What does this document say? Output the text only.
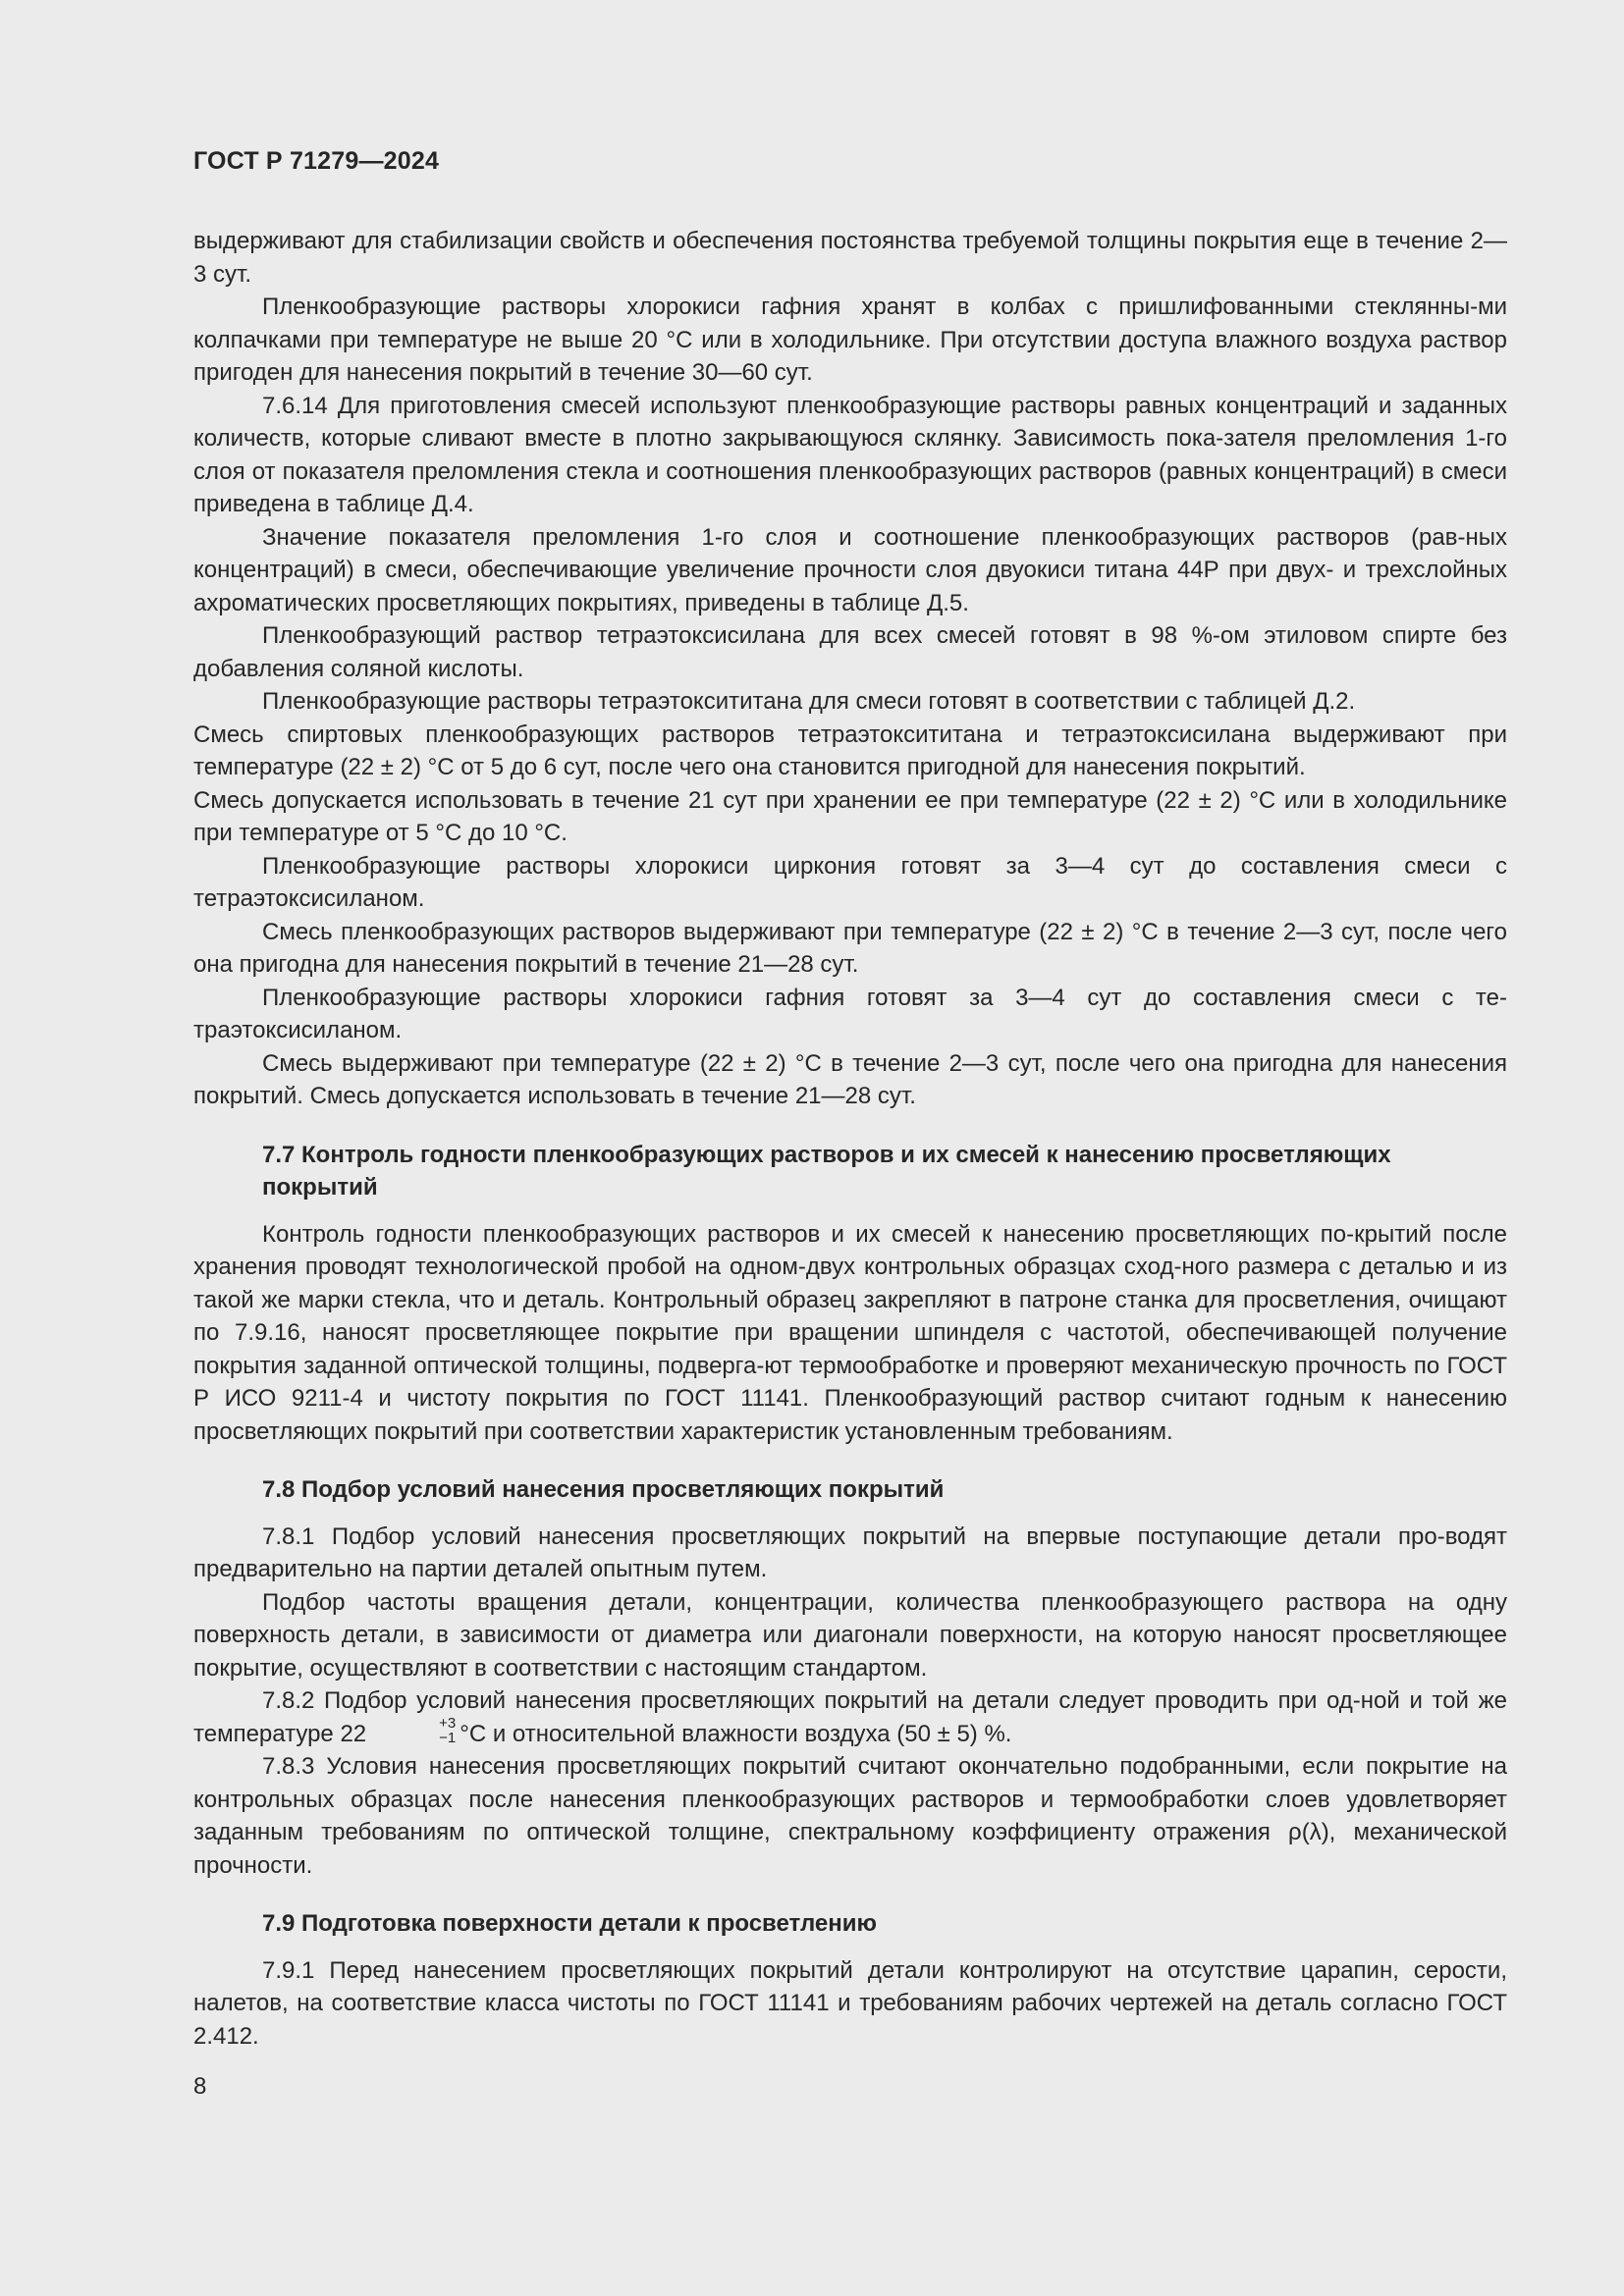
ГОСТ Р 71279—2024

выдерживают для стабилизации свойств и обеспечения постоянства требуемой толщины покрытия еще в течение 2—3 сут.

Пленкообразующие растворы хлорокиси гафния хранят в колбах с пришлифованными стеклянны-ми колпачками при температуре не выше 20 °С или в холодильнике. При отсутствии доступа влажного воздуха раствор пригоден для нанесения покрытий в течение 30—60 сут.

7.6.14 Для приготовления смесей используют пленкообразующие растворы равных концентраций и заданных количеств, которые сливают вместе в плотно закрывающуюся склянку. Зависимость пока-зателя преломления 1-го слоя от показателя преломления стекла и соотношения пленкообразующих растворов (равных концентраций) в смеси приведена в таблице Д.4.

Значение показателя преломления 1-го слоя и соотношение пленкообразующих растворов (рав-ных концентраций) в смеси, обеспечивающие увеличение прочности слоя двуокиси титана 44Р при двух- и трехслойных ахроматических просветляющих покрытиях, приведены в таблице Д.5.

Пленкообразующий раствор тетраэтоксисилана для всех смесей готовят в 98 %-ом этиловом спирте без добавления соляной кислоты.

Пленкообразующие растворы тетраэтоксититана для смеси готовят в соответствии с таблицей Д.2.

Смесь спиртовых пленкообразующих растворов тетраэтоксититана и тетраэтоксисилана выдерживают при температуре (22 ± 2) °С от 5 до 6 сут, после чего она становится пригодной для нанесения покрытий.

Смесь допускается использовать в течение 21 сут при хранении ее при температуре (22 ± 2) °С или в холодильнике при температуре от 5 °С до 10 °С.

Пленкообразующие растворы хлорокиси циркония готовят за 3—4 сут до составления смеси с тетраэтоксисиланом.

Смесь пленкообразующих растворов выдерживают при температуре (22 ± 2) °С в течение 2—3 сут, после чего она пригодна для нанесения покрытий в течение 21—28 сут.

Пленкообразующие растворы хлорокиси гафния готовят за 3—4 сут до составления смеси с те-траэтоксисиланом.

Смесь выдерживают при температуре (22 ± 2) °С в течение 2—3 сут, после чего она пригодна для нанесения покрытий. Смесь допускается использовать в течение 21—28 сут.

7.7 Контроль годности пленкообразующих растворов и их смесей к нанесению просветляющих покрытий

Контроль годности пленкообразующих растворов и их смесей к нанесению просветляющих по-крытий после хранения проводят технологической пробой на одном-двух контрольных образцах сход-ного размера с деталью и из такой же марки стекла, что и деталь. Контрольный образец закрепляют в патроне станка для просветления, очищают по 7.9.16, наносят просветляющее покрытие при вращении шпинделя с частотой, обеспечивающей получение покрытия заданной оптической толщины, подверга-ют термообработке и проверяют механическую прочность по ГОСТ Р ИСО 9211-4 и чистоту покрытия по ГОСТ 11141. Пленкообразующий раствор считают годным к нанесению просветляющих покрытий при соответствии характеристик установленным требованиям.

7.8 Подбор условий нанесения просветляющих покрытий

7.8.1 Подбор условий нанесения просветляющих покрытий на впервые поступающие детали про-водят предварительно на партии деталей опытным путем.

Подбор частоты вращения детали, концентрации, количества пленкообразующего раствора на одну поверхность детали, в зависимости от диаметра или диагонали поверхности, на которую наносят просветляющее покрытие, осуществляют в соответствии с настоящим стандартом.

7.8.2 Подбор условий нанесения просветляющих покрытий на детали следует проводить при од-ной и той же температуре 22	+3
−1 °С и относительной влажности воздуха (50 ± 5) %.

7.8.3 Условия нанесения просветляющих покрытий считают окончательно подобранными, если покрытие на контрольных образцах после нанесения пленкообразующих растворов и термообработки слоев удовлетворяет заданным требованиям по оптической толщине, спектральному коэффициенту отражения ρ(λ), механической прочности.

7.9 Подготовка поверхности детали к просветлению

7.9.1 Перед нанесением просветляющих покрытий детали контролируют на отсутствие царапин, серости, налетов, на соответствие класса чистоты по ГОСТ 11141 и требованиям рабочих чертежей на деталь согласно ГОСТ 2.412.

8
